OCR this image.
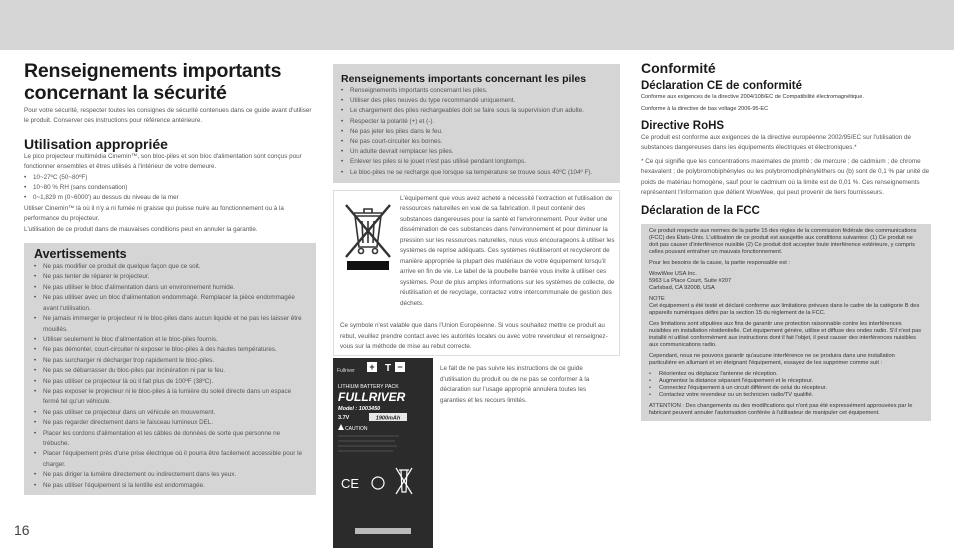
Renseignements importants
concernant la sécurité

Pour votre sécurité, respecter toutes les consignes de sécurité contenues dans ce guide avant d'utiliser le produit. Conserver ces instructions pour référence antérieure.

Utilisation appropriée

Le pico projecteur multimédia Cinemin™, son bloc-piles et son bloc d'alimentation sont conçus pour fonctionner ensembles et êtres utilisés à l'intérieur de votre demeure.

• 10~27ºC (50~80ºF)
• 10~80 % RH (sans condensation)
• 0~1,829 m (0~6000') au dessus du niveau de la mer

Utiliser Cinemin™ là où il n'y a ni fumée ni graisse qui puisse nuire au fonctionnement ou à la performance du projecteur.

L'utilisation de ce produit dans de mauvaises conditions peut en annuler la garantie.

Avertissements
• Ne pas modifier ce produit de quelque façon que ce soit.
• Ne pas tenter de réparer le projecteur.
• Ne pas utiliser le bloc d'alimentation dans un environnement humide.
• Ne pas utiliser avec un bloc d'alimentation endommagé. Remplacer la pièce endommagée avant l'utilisation.
• Ne jamais immerger le projecteur ni le bloc-piles dans aucun liquide et ne pas les laisser être mouillés.
• Utiliser seulement le bloc d'alimentation et le bloc-piles fournis.
• Ne pas démonter, court-circuiter ni exposer le bloc-piles à des hautes températures.
• Ne pas surcharger ni décharger trop rapidement le bloc-piles.
• Ne pas se débarrasser du bloc-piles par incinération ni par le feu.
• Ne pas utiliser ce projecteur là où il fait plus de 100ºF (38ºC).
• Ne pas exposer le projecteur ni le bloc-piles à la lumière du soleil directe dans un espace fermé tel qu'un véhicule.
• Ne pas utiliser ce projecteur dans un véhicule en mouvement.
• Ne pas regarder directement dans le faisceau lumineux DEL.
• Placer les cordons d'alimentation et les câbles de données de sorte que personne ne trébuche.
• Placer l'équipement près d'une prise électrique où il pourra être facilement accessible pour le charger.
• Ne pas diriger la lumière directement ou indirectement dans les yeux.
• Ne pas utiliser l'équipement si la lentille est endommagée.
16
Renseignements importants concernant les piles
• Renseignements importants concernant les piles.
• Utiliser des piles neuves du type recommandé uniquement.
• Le chargement des piles rechargeables doit se faire sous la supervision d'un adulte.
• Respecter la polarité (+) et (-).
• Ne pas jeter les piles dans le feu.
• Ne pas court-circuiter les bornes.
• Un adulte devrait remplacer les piles.
• Enlever les piles si le jouet n'est pas utilisé pendant longtemps.
• Le bloc-piles ne se recharge que lorsque sa température se trouve sous 40ºC (104º F).

L'équipement que vous avez acheté a nécessité l'extraction et l'utilisation de ressources naturelles en vue de sa fabrication. Il peut contenir des substances dangereuses pour la santé et l'environnement. Pour éviter une dissémination de ces substances dans l'environnement et pour diminuer la pression sur les ressources naturelles, nous vous encourageons à utiliser les systèmes de reprise adéquats. Ces systèmes réutiliseront et recycleront de manière appropriée la plupart des matériaux de votre équipement lorsqu'il arrive en fin de vie. Le label de la poubelle barrée vous invite à utiliser ces systèmes. Pour de plus amples informations sur les systèmes de collecte, de réutilisation et de recyclage, contactez votre intercommunale de gestion des déchets.

Ce symbole n'est valable que dans l'Union Européenne. Si vous souhaitez mettre ce produit au rebut, veuillez prendre contact avec les autorités locales ou avec votre revendeur et renseignez-vous sur la méthode de mise au rebut correcte.

Fullriver + T −
LITHIUM BATTERY PACK
FULLRIVER
Model : 1003450
3.7V	1900mAh
CAUTION
CE

Le fait de ne pas suivre les instructions de ce guide d'utilisation du produit ou de ne pas se conformer à la déclaration sur l'usage approprié annulera toutes les garanties et les recours limités.

Conformité
Déclaration CE de conformité

Conforme aux exigences de la directive 2004/108/EC de Compatibilité électromagnétique.

Conforme à la directive de bas voltage 2006-95-EC

Directive RoHS

Ce produit est conforme aux exigences de la directive européenne 2002/95/EC sur l'utilisation de substances dangereuses dans les équipements électriques et électroniques.*

* Ce qui signifie que les concentrations maximales de plomb ; de mercure ; de cadmium ; de chrome hexavalent ; de polybromobiphényles ou les polybromodiphényléthers ou (b) sont de 0,1 % par unité de poids de matériau homogène, sauf pour le cadmium où la limite est de 0,01 %. Ces renseignements représentent l'information que détient WowWee, qui peut provenir de tiers fournisseurs.

Déclaration de la FCC

Ce produit respecte aux normes de la partie 15 des règles de la commission fédérale des communications (FCC) des États-Unis. L'utilisation de ce produit est assujettie aux conditions suivantes: (1) Ce produit ne doit pas causer d'interférence nuisible (2) Ce produit doit accepter toute interférence extérieure, y compris celles pouvant entraîner un mauvais fonctionnement.

Pour les besoins de la cause, la partie responsable est :

WowWee USA Inc.

5963 La Place Court, Suite #207

Carlsbad, CA 92008, USA

NOTE

Cet équipement a été testé et déclaré conforme aux limitations prévues dans le cadre de la catégorie B des appareils numériques défini par la section 15 du règlement de la FCC.

Ces limitations sont stipulées aux fins de garantir une protection raisonnable contre les interférences nuisibles en installation résidentielle. Cet équipement génère, utilise et diffuse des ondes radio. S'il n'est pas installé ni utilisé conformément aux instructions dont il fait l'objet, il peut causer des interférences nuisibles aux communications radio.

Cependant, nous ne pouvons garantir qu'aucune interférence ne se produira dans une installation particulière en allumant et en éteignant l'équipement, essayez de les supprimer comme suit :

• Réorientez ou déplacez l'antenne de réception.
• Augmentez la distance séparant l'équipement et le récepteur.
• Connectez l'équipement à un circuit différent de celui du récepteur.
• Contactez votre revendeur ou un technicien radio/TV qualifié.

ATTENTION : Des changements ou des modifications qui n'ont pas été expressément approuvées par le fabricant peuvent annuler l'autorisation conférée à l'utilisateur de manipuler cet équipement.
